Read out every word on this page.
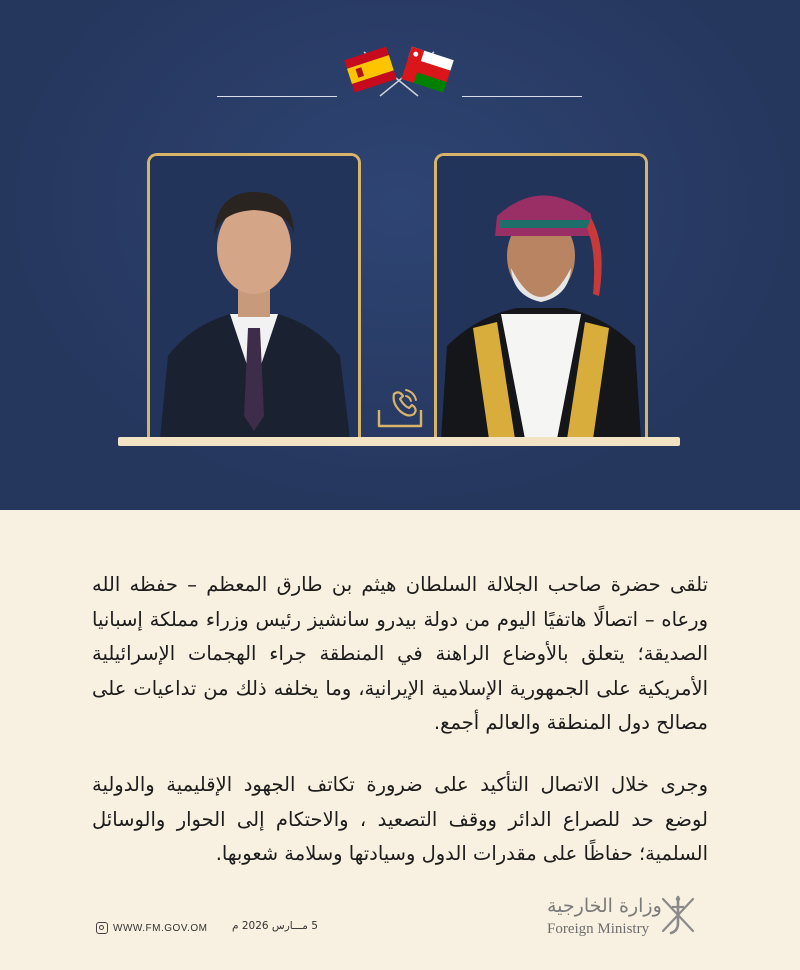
تلقى حضرة صاحب الجلالة السلطان هيثم بن طارق المعظم – حفظه الله ورعاه – اتصالًا هاتفيًا اليوم من دولة بيدرو سانشيز رئيس وزراء مملكة إسبانيا الصديقة؛ يتعلق بالأوضاع الراهنة في المنطقة جراء الهجمات الإسرائيلية الأمريكية على الجمهورية الإسلامية الإيرانية، وما يخلفه ذلك من تداعيات على مصالح دول المنطقة والعالم أجمع.

وجرى خلال الاتصال التأكيد على ضرورة تكاتف الجهود الإقليمية والدولية لوضع حد للصراع الدائر ووقف التصعيد ، والاحتكام إلى الحوار والوسائل السلمية؛ حفاظًا على مقدرات الدول وسيادتها وسلامة شعوبها.

WWW.FM.GOV.OM 5 مـــارس 2026 م
وزارة الخارجية
Foreign Ministry
